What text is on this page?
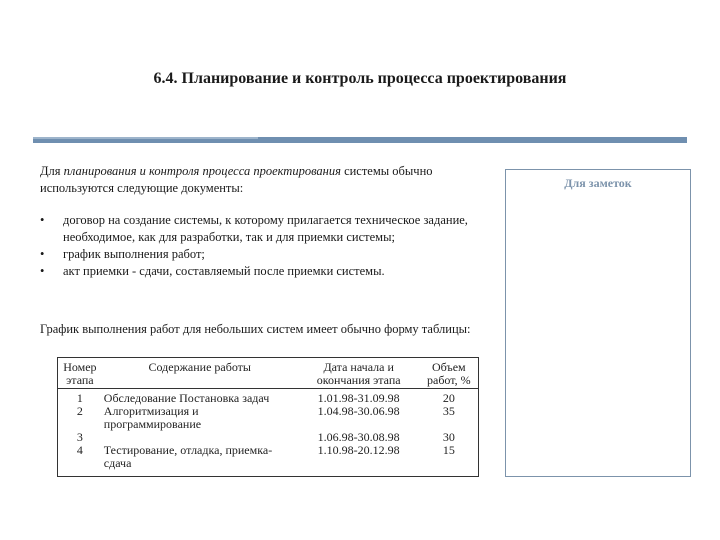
6.4. Планирование и контроль процесса проектирования
Для планирования и контроля процесса проектирования системы обычно используются следующие документы:
• договор на создание системы, к которому прилагается техническое задание, необходимое, как для разработки, так и для приемки системы;
• график выполнения работ;
• акт приемки - сдачи, составляемый после приемки системы.
График выполнения работ для небольших систем имеет обычно форму таблицы:
Номер этапа	Содержание работы	Дата начала и окончания этапа	Объем работ, %
1	Обследование Постановка задач	1.01.98-31.09.98	20
2	Алгоритмизация и программирование	1.04.98-30.06.98	35
3		1.06.98-30.08.98	30
4	Тестирование, отладка, приемка-сдача	1.10.98-20.12.98	15
Для заметок
